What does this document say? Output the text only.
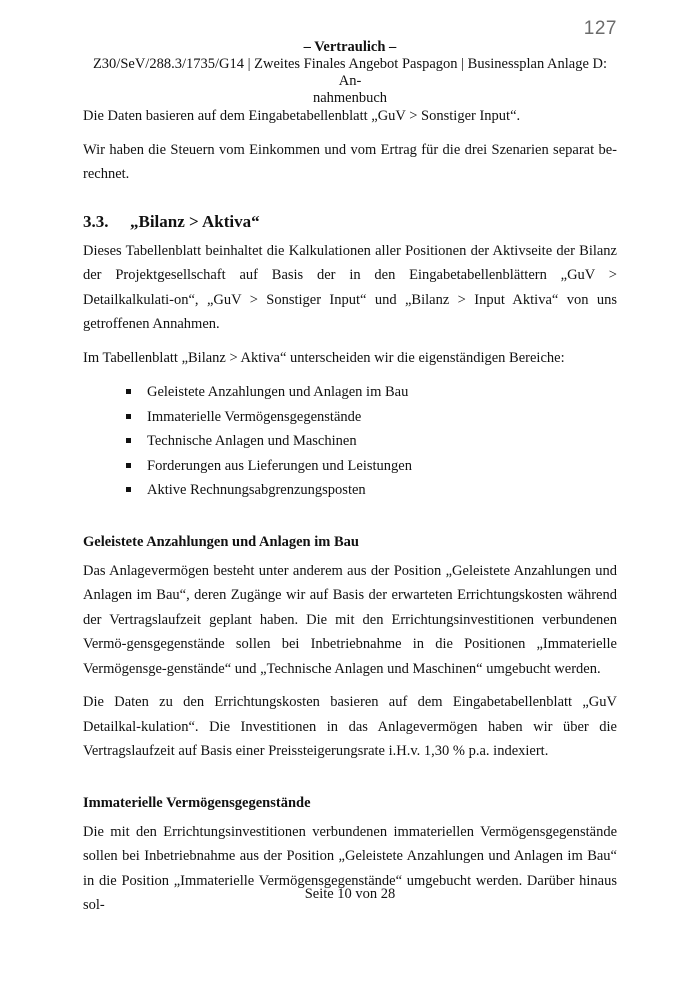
127
– Vertraulich –
Z30/SeV/288.3/1735/G14 | Zweites Finales Angebot Paspagon | Businessplan Anlage D: An-
nahmenbuch

Die Daten basieren auf dem Eingabetabellenblatt „GuV > Sonstiger Input“.

Wir haben die Steuern vom Einkommen und vom Ertrag für die drei Szenarien separat be-rechnet.

3.3.	„Bilanz > Aktiva“

Dieses Tabellenblatt beinhaltet die Kalkulationen aller Positionen der Aktivseite der Bilanz der Projektgesellschaft auf Basis der in den Eingabetabellenblättern „GuV > Detailkalkulati-on“, „GuV > Sonstiger Input“ und „Bilanz > Input Aktiva“ von uns getroffenen Annahmen.

Im Tabellenblatt „Bilanz > Aktiva“ unterscheiden wir die eigenständigen Bereiche:

Geleistete Anzahlungen und Anlagen im Bau
Immaterielle Vermögensgegenstände
Technische Anlagen und Maschinen
Forderungen aus Lieferungen und Leistungen
Aktive Rechnungsabgrenzungsposten
Geleistete Anzahlungen und Anlagen im Bau

Das Anlagevermögen besteht unter anderem aus der Position „Geleistete Anzahlungen und Anlagen im Bau“, deren Zugänge wir auf Basis der erwarteten Errichtungskosten während der Vertragslaufzeit geplant haben. Die mit den Errichtungsinvestitionen verbundenen Vermö-gensgegenstände sollen bei Inbetriebnahme in die Positionen „Immaterielle Vermögensge-genstände“ und „Technische Anlagen und Maschinen“ umgebucht werden.

Die Daten zu den Errichtungskosten basieren auf dem Eingabetabellenblatt „GuV Detailkal-kulation“. Die Investitionen in das Anlagevermögen haben wir über die Vertragslaufzeit auf Basis einer Preissteigerungsrate i.H.v. 1,30 % p.a. indexiert.

Immaterielle Vermögensgegenstände

Die mit den Errichtungsinvestitionen verbundenen immateriellen Vermögensgegenstände sollen bei Inbetriebnahme aus der Position „Geleistete Anzahlungen und Anlagen im Bau“ in die Position „Immaterielle Vermögensgegenstände“ umgebucht werden. Darüber hinaus sol-

Seite 10 von 28
